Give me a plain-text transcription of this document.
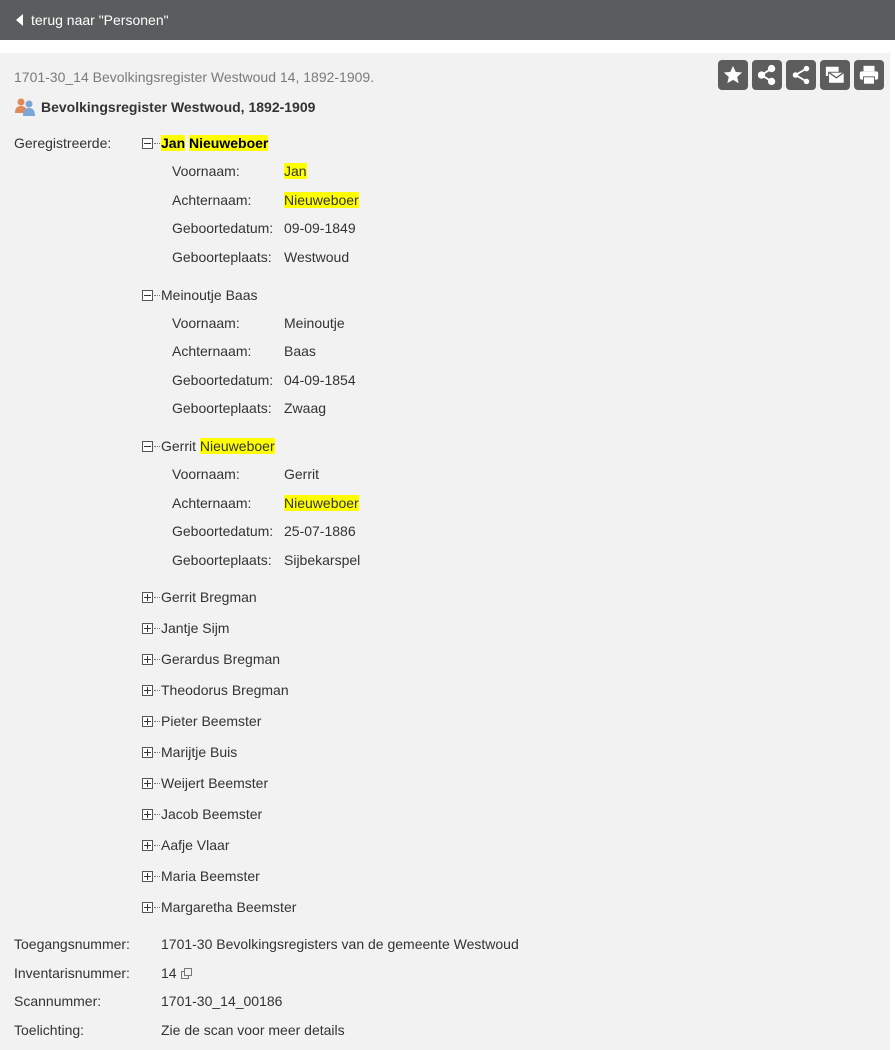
terug naar "Personen"
1701-30_14 Bevolkingsregister Westwoud 14, 1892-1909.
Bevolkingsregister Westwoud, 1892-1909
Geregistreerde:	Jan Nieuweboer
Voornaam:	Jan
Achternaam: Nieuweboer
Geboortedatum: 09-09-1849
Geboorteplaats: Westwoud
Meinoutje Baas
Voornaam:	Meinoutje
Achternaam: Baas
Geboortedatum: 04-09-1854
Geboorteplaats: Zwaag
Gerrit Nieuweboer
Voornaam:	Gerrit
Achternaam: Nieuweboer
Geboortedatum: 25-07-1886
Geboorteplaats: Sijbekarspel
Gerrit Bregman
Jantje Sijm
Gerardus Bregman
Theodorus Bregman
Pieter Beemster
Marijtje Buis
Weijert Beemster
Jacob Beemster
Aafje Vlaar
Maria Beemster
Margaretha Beemster
Toegangsnummer: 1701-30 Bevolkingsregisters van de gemeente Westwoud
Inventarisnummer: 14
Scannummer:	1701-30_14_00186
Toelichting:	Zie de scan voor meer details
